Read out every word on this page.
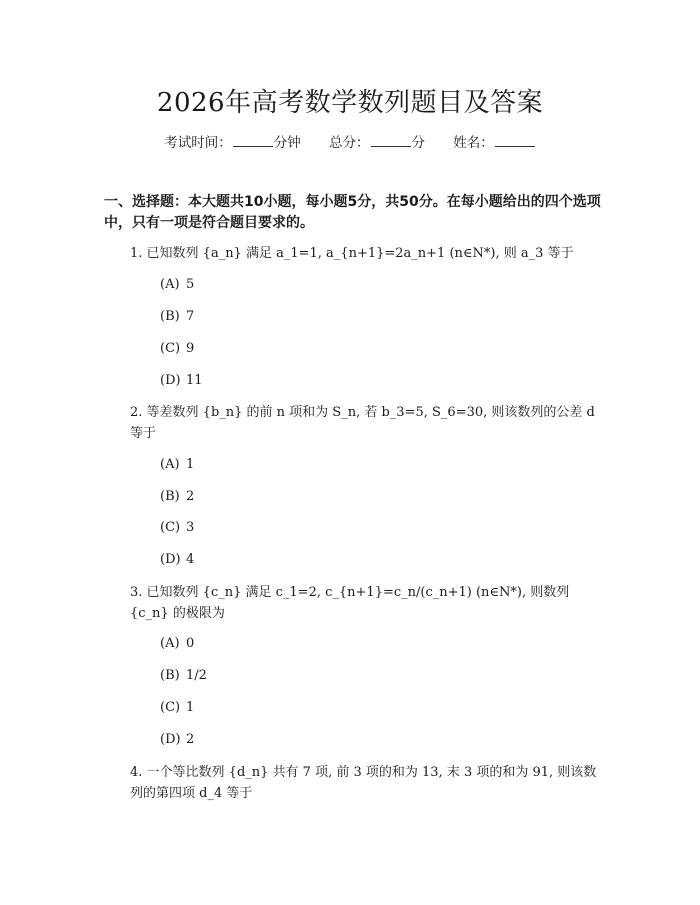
2026年高考数学数列题目及答案
考试时间：	分钟 总分：	分 姓名：
一、选择题：本大题共10小题，每小题5分，共50分。在每小题给出的四个选项中，只有一项是符合题目要求的。
1. 已知数列 {a_n} 满足 a_1=1, a_{n+1}=2a_n+1 (n∈N*), 则 a_3 等于
(A) 5
(B) 7
(C) 9
(D) 11
2. 等差数列 {b_n} 的前 n 项和为 S_n, 若 b_3=5, S_6=30, 则该数列的公差 d 等于
(A) 1
(B) 2
(C) 3
(D) 4
3. 已知数列 {c_n} 满足 c_1=2, c_{n+1}=c_n/(c_n+1) (n∈N*), 则数列 {c_n} 的极限为
(A) 0
(B) 1/2
(C) 1
(D) 2
4. 一个等比数列 {d_n} 共有 7 项, 前 3 项的和为 13, 末 3 项的和为 91, 则该数列的第四项 d_4 等于
